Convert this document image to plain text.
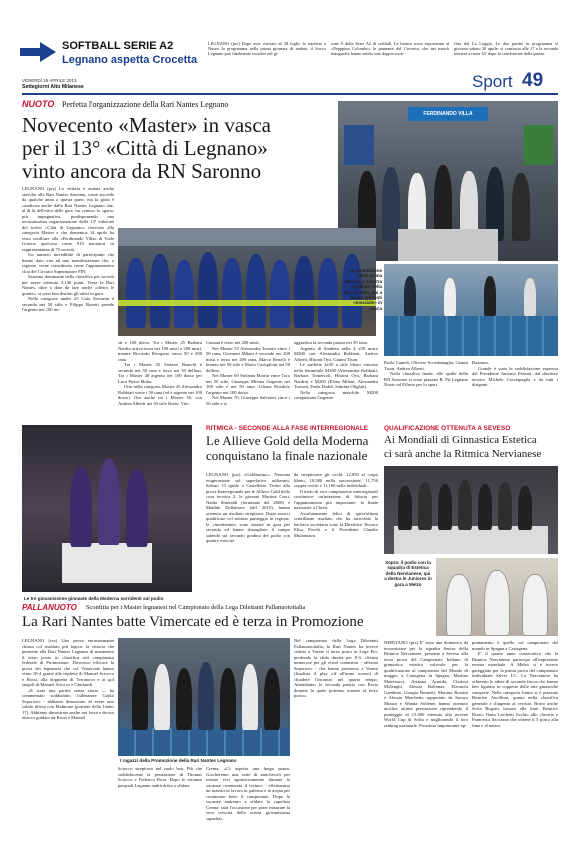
SOFTBALL SERIE A2
Legnano aspetta Crocetta
LEGNANO (prs) Dopo aver rinviato al 28 luglio la trasferta a Nuoro la programma nella prima giornata di andata, il Socco Legnano può finalmente esordire nel gi-
rone A della Serie A2 di softball. Le bianco rosse esporranno al «Pepppino Colombo» le pamense del Crocetta, che nei match inaugurale hanno subìto una doppia scon-
fitta dal La Loggia. Le due partite in programma si giocano sabato 20 aprile: si comincia alle 17 e la seconda inizierà a ruota 45' dopo la conclusione della prima.
VENERDÌ 19 APRILE 2013
Settegiorni Alto Milanese	Sport 49
NUOTO Perfetta l'organizzazione della Rari Nantes Legnano
Novecento «Master» in vasca
per il 13° «Città di Legnano»
vinto ancora da RN Saronno
FERDINANDO VILLA
La premiazione della prima società, a sinistra il gruppo della Rari Nantes, qui a destra presenti «mezziale» in vasca

LEGNANO (prs) La vittoria è andata anche stavolta alla Rari Nantes Saronno, come succede da qualche anno a questa parte, ma la gioia è condivisa anche dalla Rari Nantes Legnano che, al di là dell'esito delle gare, ha «vinto» la «gara» più impegnativa, predisponendo una accuratissima organizzazione della 13ª edizione del trofeo «Città di Legnano» riservato alla categoria Master e che domenica 14 aprile ha visto confluire alla «Ferdinando Villa» di Viale Gorizia qualcosa come 910 nuotatori in rappresentanza di 75 società.

Un numero incredibile di partecipanti che hanno dato vita ad una manifestazione che, a ragione, viene considerata come l'appuntamento clou del Circuito Supermaster FIN.

Saronno dominante nella classifica per società per avere ottenuto 3.146 punti. Terza la Rari Nantes, oltre a dare da fare anche «dietro le quinte», si sono ben distinti gli atleti in gara.

Nella categoria under 25 Gaia Stevanin è seconda nei 50 stile e Filippo Bosetti prende l'argento nei 100 mi-

sti e 100 dorso. Tra i Master 25 Barbara Nardin arriva terza nei 100 misti e 200 misti, mentre Riccardo Recupero vince 50 e 200 rana.

Tra i Master 35 Stefano Bianchi è secondo nei 50 rana e terzo nei 50 delfino. Tra i Master 40 argento nei 100 dorso per Luca Pietro Motta.

Orto nella categoria Master 45 Alessandro Robbiati vince i 50 rana (ed è argento nei 100 dorso). Oro anche tra i Master 50, con Andrea Alberti nei 50 stile libero. Vito

Cassata è terzo nei 200 misti.

Nei Master 55 Alessandra Torsoni vince i 50 rana, Giovanni Milani è secondo nei 200 misti e terzo nei 200 rana, Marco Renelli è bronzo nei 50 stile e Mario Castiglioni nei 50 delfino.

Nei Master 60 Stefania Martin vince l'oro nei 50 stile, Giuseppe Milona l'argento nei 100 stile e nei 50 rana, Liliana Rondolo l'argento nei 100 dorso.

Nei Master 70, Giuseppe Salvatori vince i 50 stile e si

aggiudica la seconda piazza nei 50 rana.

Argento di Stadtera nella 4 x50 misto M200 con Alessandra Robbiati, Andrea Alberti, Hitomi Oya, Gianni Tison.

Le staffette 4x50 a stile libero vincono nella femminile M160 (Alessandra Robbiati, Barbara Tomerzoli, Hitomi Oya, Barbara Nardin) e M200 (Elena Milani, Alessandra Torsoni, Paola Daddi, Sabrina Oliglati).

Nella categoria maschile M200 conquistano l'argento

Paolo Canedi, Oliviero Scordamaglia, Gianni Tison, Andrea Alberti.

Nella classifica finale, alle spalle della RN Saronno si sono piazzati B. Fit Legnano Nuoto ed Efferto per lo sport

Bazzano.

Grande è stata la soddisfazione espressa dal Presidente Antonio Pensati, dal direttore tecnico Michele Cacciapaglia e da tutti i dirigenti.

Le tre giovanissime ginnaste della Moderna sorridenti sul podio
RITMICA - SECONDE ALLA FASE INTERREGIONALE
Le Allieve Gold della Moderna
conquistano la finale nazionale
LEGNANO (prs) «Goldissimo». Nessuna esagerazione sul superlativo utilizzato. Sabato 13 aprile a Castellotto Ticino alla prova Interregionale per le Allieve Gold della cosa tecnica 2, le giovani Martina Cerri, Nadia Smeraldi (terminate del 2008) e Matilde Dellamore (del 2010), hanno ottenuto un risultato strepitoso. Dopo esserci qualificate col settimo punteggio in regione, le «modernine» sono entrate in gara per seconda ed hanno sbaragliato il campo salendo sul secondo gradino del podio con quattro esercizi

da strepitorare gli occhi: 12,850 al corpo libero, 10,300 nella successione, 11,750 coppia cerchi e 11,100 nelle individuali.

Il titolo di vice campionesse interregionali costituisce un'iniezione di fiducia per l'appuntamento più importante: la finale nazionale a Chieti.

Assolutamente felici di quest'ultimo scintillante risultato che ha arricchito la bacheca societaria sono la Direttrice Tecnica Elisa Porchi e il Presidente Claudio Mulanisura.

QUALIFICAZIONE OTTENUTA A SEVESO
Ai Mondiali di Ginnastica Estetica
ci sarà anche la Ritmica Nervianese
Sopra: il podio con la squadra di Estetica della Nervianese, qui a destra le Juniores in gara a Melzo
NERVIANO (prs) E' stata una domenica da incorniciare per la squadra Senior della Ritmica Nervianese, presente a Seveso alla terza prova del Campionato Italiano di ginnastica estetica valevole per la qualificazione al campionato del Mondo di maggio a Cartagena in Spagna. Martina Mattesucci, Arianna Armida, Clarissa Molenghi, Alessia Ballonaz, Eleonora Gambino, Giorgia Brunetti, Martina Rossini e Alessia Marchetto supportate da Soraya Monza e Wanda Sollener hanno ottenuto un'altra ottima prestazione riprendendo il punteggio di 15.600 ottenuto alla recente World Cup di Sofia e migliorando il loro ranking nazionale. Prossimo impoturante ap-

puntamento è quello col campionato del mondo in Spagna a Cartagena.

E' il quarto anno consecutivo che la Ritmica Nervianese partecipa all'importante evento mondiale. A Melzo si è invece gareggiato per la prima prova del campionato individuale Silver LC. La Nervianese ha schierato le atlete di seconda fascia che hanno ben figurato in coppette delle arie ginastiche categorie. Nella categoria Junior si è piazzata Beatrice Ancilloni, quinta nella classifica generale e d'argento al cerchio. Bravo anche Sofia Bugoni, bronzo alla fune. Beatrice Rizzo, Ilaria Lischetti ficchio allo clavette e Francesca Saccazza che ottiene il 5 posto alla fune e al nastro.

PALLANUOTO Sconfitta per i Master legnanesi nel Campionato della Lega Dilettanti Pallanuotoitalia
La Rari Nantes batte Vimercate ed è terza in Promozione

LEGNANO (cra) Una prova entusiasmante chiusa col risultato più logico: la vittoria che permette alla Rari Nantes Legnano di mantenere il terzo posto in classifica nel campionato federale di Promozione. Doveroso efficace la prova dei legnanesi che col Vimercate hanno vinto 10-4 grazie alle triplette di Manuel Sciocco e Rossi, alla doppietta di Terranova e ai gol singoli di Manuel Sciocco e Ghirlandi.

«E stata una partita senza storia — ha commentato soddisfatto l'allenatore Gojko Seporovic - abbiamo dimostrato di avere uno solido difesa con Malmone (portiere della Under 17). Abbiamo dimostrato anche noi forse e deciso attacco guidato da Rossi e Manuel

I ragazzi della Promozione della Rari Nantes Legnano
Sciocco strepitoso nel ruolo boa. Più che soddisfacente la prestazione di Thomas Sciocco e Federico Rosa. Dopo le vacanze pasquali Legnano andrà dritta a sfidare

Crema: «Ci aspetta una lunga pausa. Giocheremo una serie di amichevoli per restare vivi agonisticamente durante le vacanze commenta il tecnico - effettuermo un massiccio lavoro in palestra e in acqua per continuare bene il campionato. Dopo le vacanze andremo a sfidare la capolista Crema: sarà l'occasione per poter misurare la vera crescita della nostra giovanissima squadra».

Nel campionato della Lega Dilettanti Pallanuotoitalia, la Rari Nantes ha invece ceduto a Varese il terzo posto in Lega Pro, perdendo la sfida diretta per 8-3: «Senza numerose per gli errori commessi - afferma Seporovic - che hanno permesso a Varese (finalista il play off all'anno scorso) di chiudere l'incontro nel quarto tempo. Attendiamo la seconda partita con Pavia durante la quale potremo tornare al terzo posto».
